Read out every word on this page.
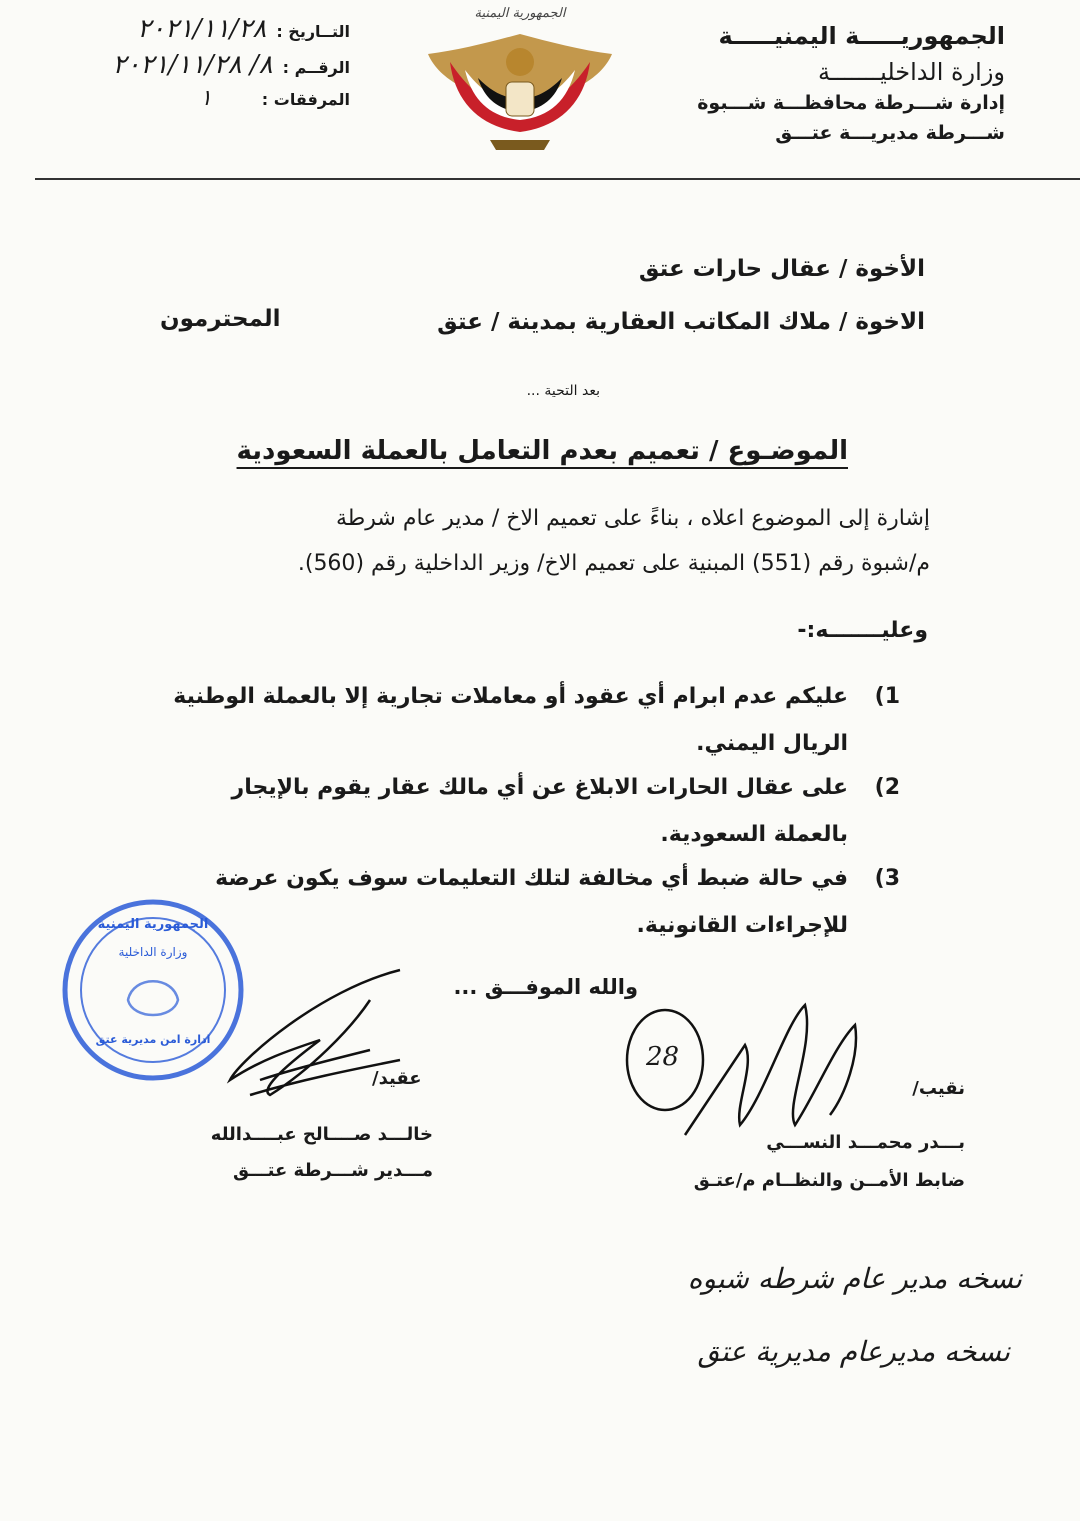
الجمهوريـــــة اليمنيـــــة
وزارة الداخليـــــــة
إدارة شـــرطة محافظـــة شـــبوة
شـــرطة مديريـــة عتـــق
الجمهورية اليمنية
التــاريخ :
٢٠٢١/١١/٢٨
الرقــم :
٨/ ٢٠٢١/١١/٢٨
المرفقات :
١
الأخوة / عقال حارات عتق
الاخوة / ملاك المكاتب العقارية بمدينة / عتق
المحترمون
بعد التحية ...
الموضـوع / تعميم بعدم التعامل بالعملة السعودية
إشارة إلى الموضوع اعلاه ، بناءً على تعميم الاخ / مدير عام شرطة
م/شبوة رقم (551) المبنية على تعميم الاخ/ وزير الداخلية رقم (560).
وعليـــــــه:-
1)
عليكم عدم ابرام أي عقود أو معاملات تجارية إلا بالعملة الوطنية
الريال اليمني.
2)
على عقال الحارات الابلاغ عن أي مالك عقار يقوم بالإيجار
بالعملة السعودية.
3)
في حالة ضبط أي مخالفة لتلك التعليمات سوف يكون عرضة
للإجراءات القانونية.
والله الموفـــق ...
الجمهورية اليمنية
وزارة الداخلية
ادارة امن مديرية عتق
28
عقيد/
خالـــد صــــالح عبــــدالله
مـــدير شـــرطة عتـــق
نقيب/
بـــدر محمـــد النســـي
ضابط الأمــن والنظــام م/عتـق
نسخه مدير عام شرطه شبوه
نسخه مديرعام مديرية عتق
